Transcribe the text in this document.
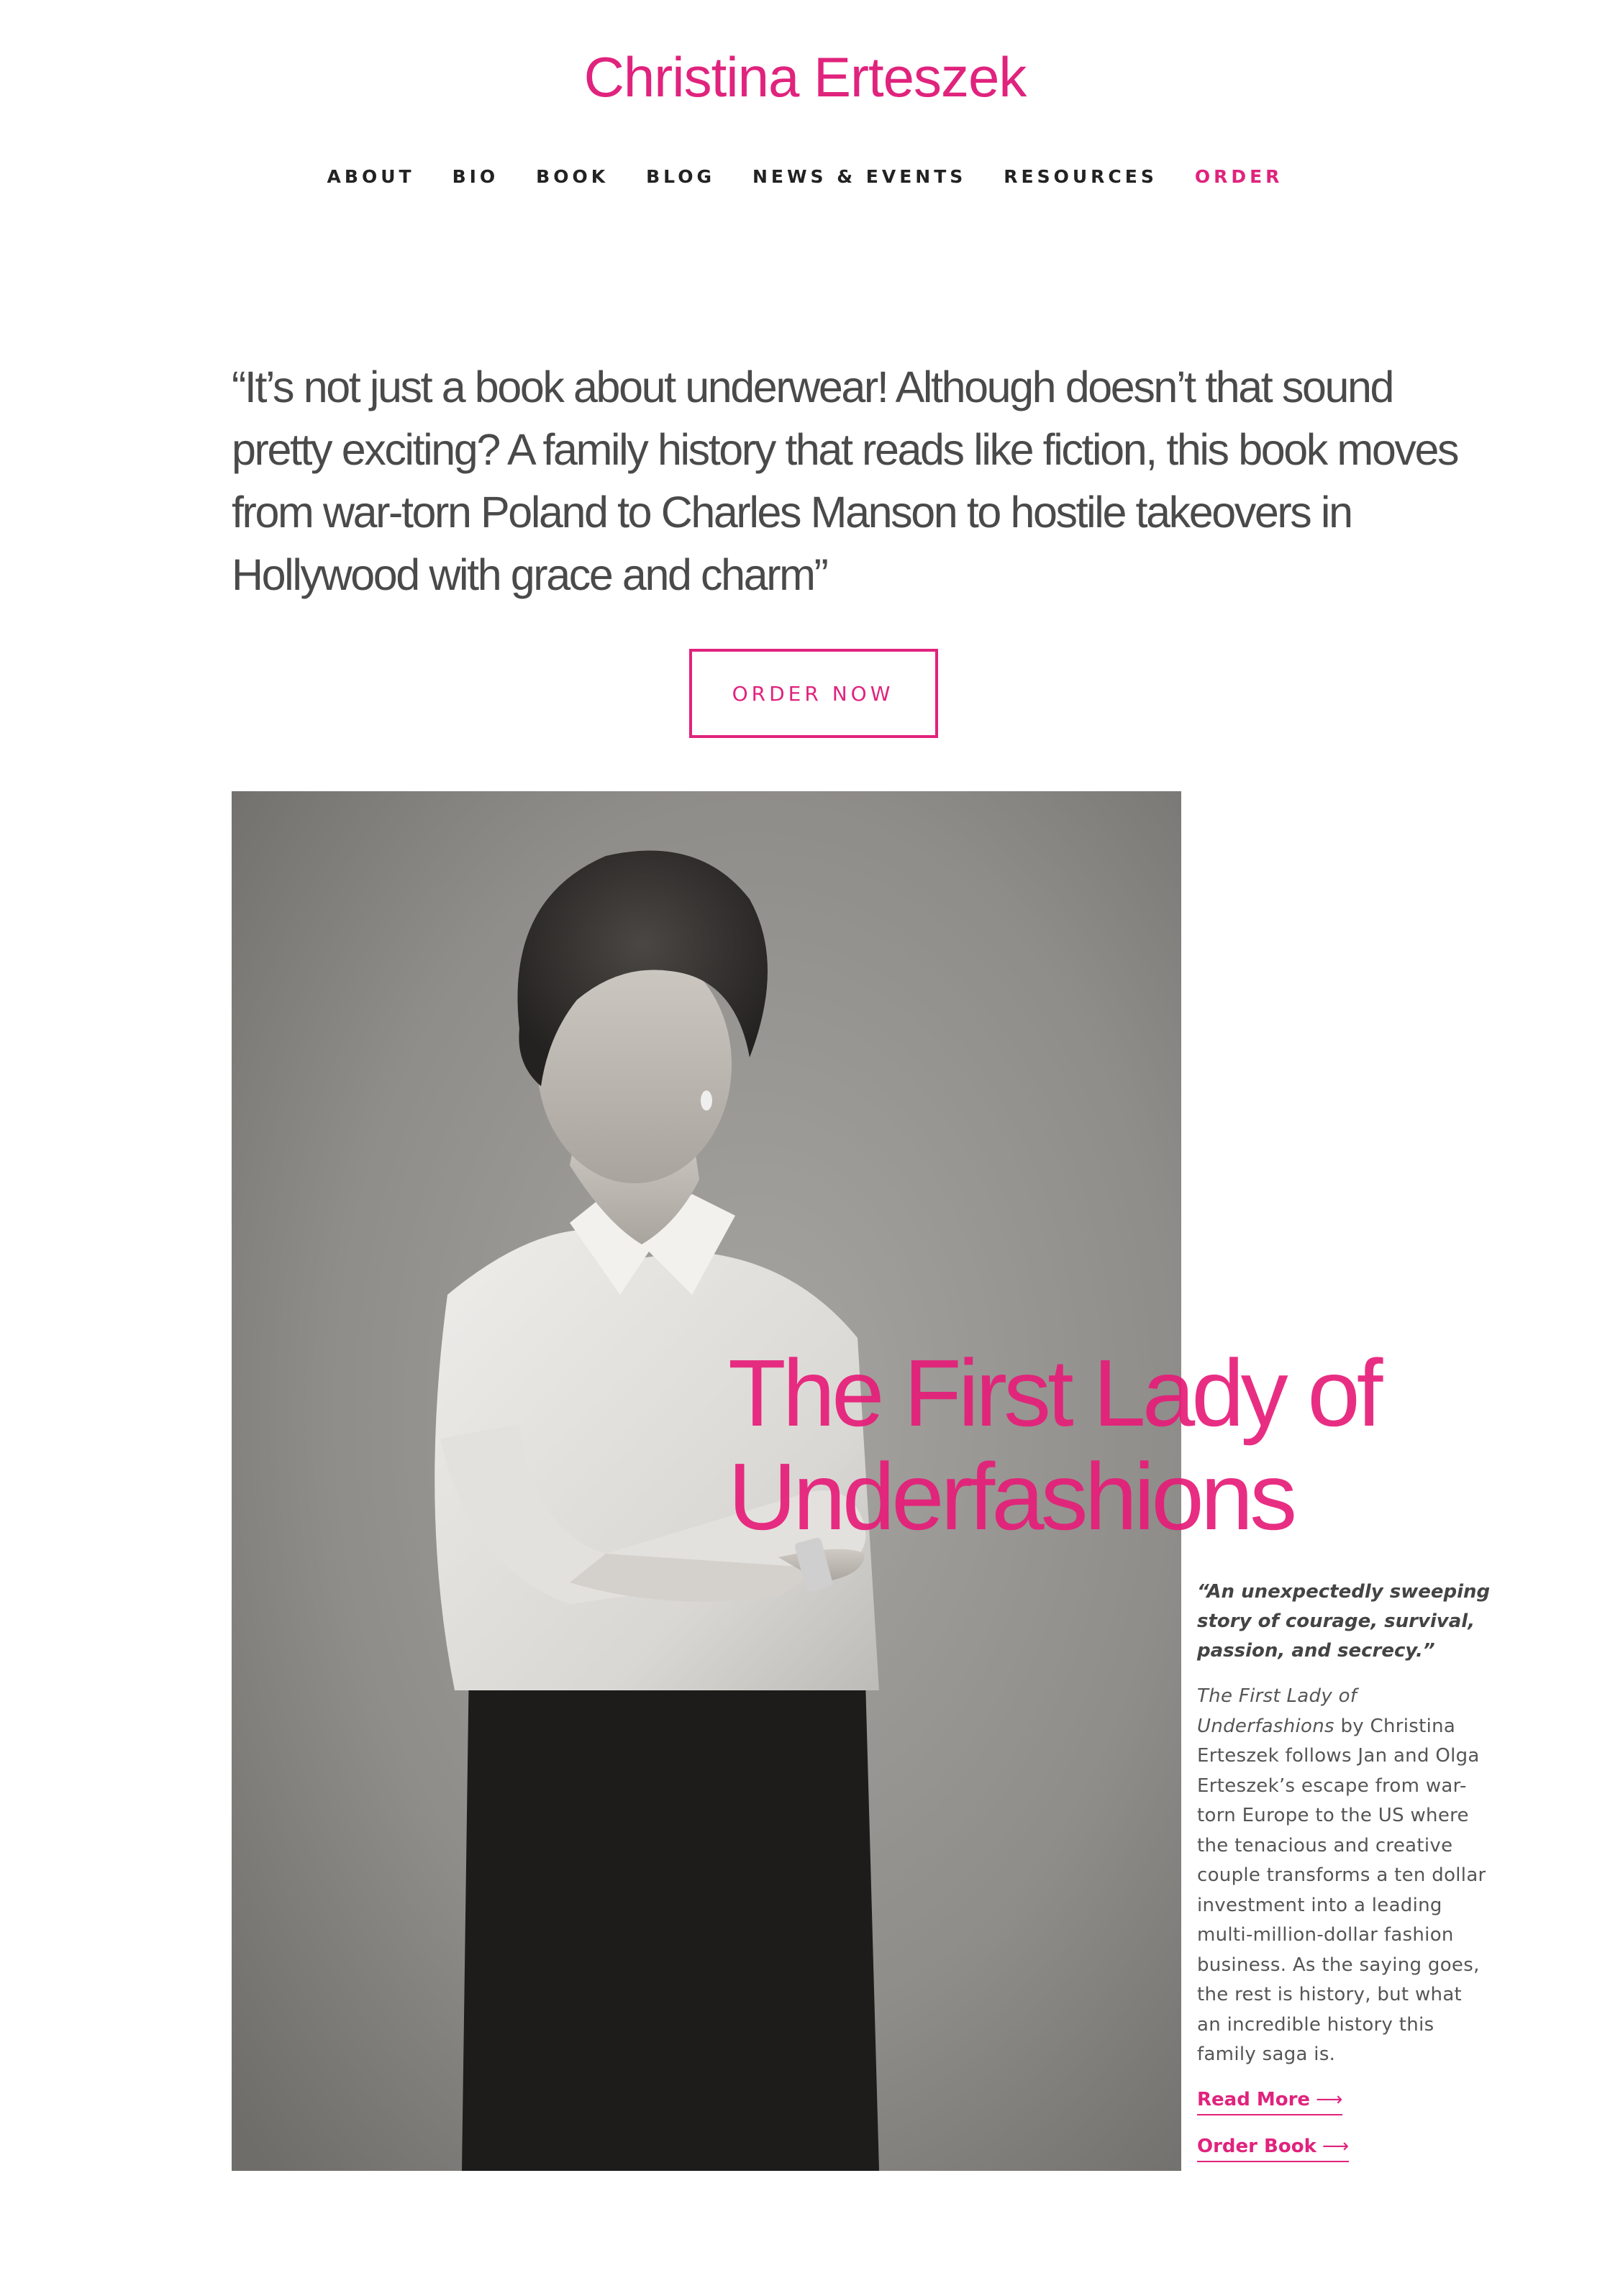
Christina Erteszek
ABOUT BIO BOOK BLOG NEWS & EVENTS RESOURCES ORDER

“It’s not just a book about underwear! Although doesn’t that sound pretty exciting? A family history that reads like fiction, this book moves from war-torn Poland to Charles Manson to hostile takeovers in Hollywood with grace and charm”

ORDER NOW
The First Lady of Underfashions

“An unexpectedly sweeping story of courage, survival, passion, and secrecy.”

The First Lady of Underfashions by Christina Erteszek follows Jan and Olga Erteszek’s escape from war-torn Europe to the US where the tenacious and creative couple transforms a ten dollar investment into a leading multi-million-dollar fashion business. As the saying goes, the rest is history, but what an incredible history this family saga is.

Read More ⟶
Order Book ⟶
